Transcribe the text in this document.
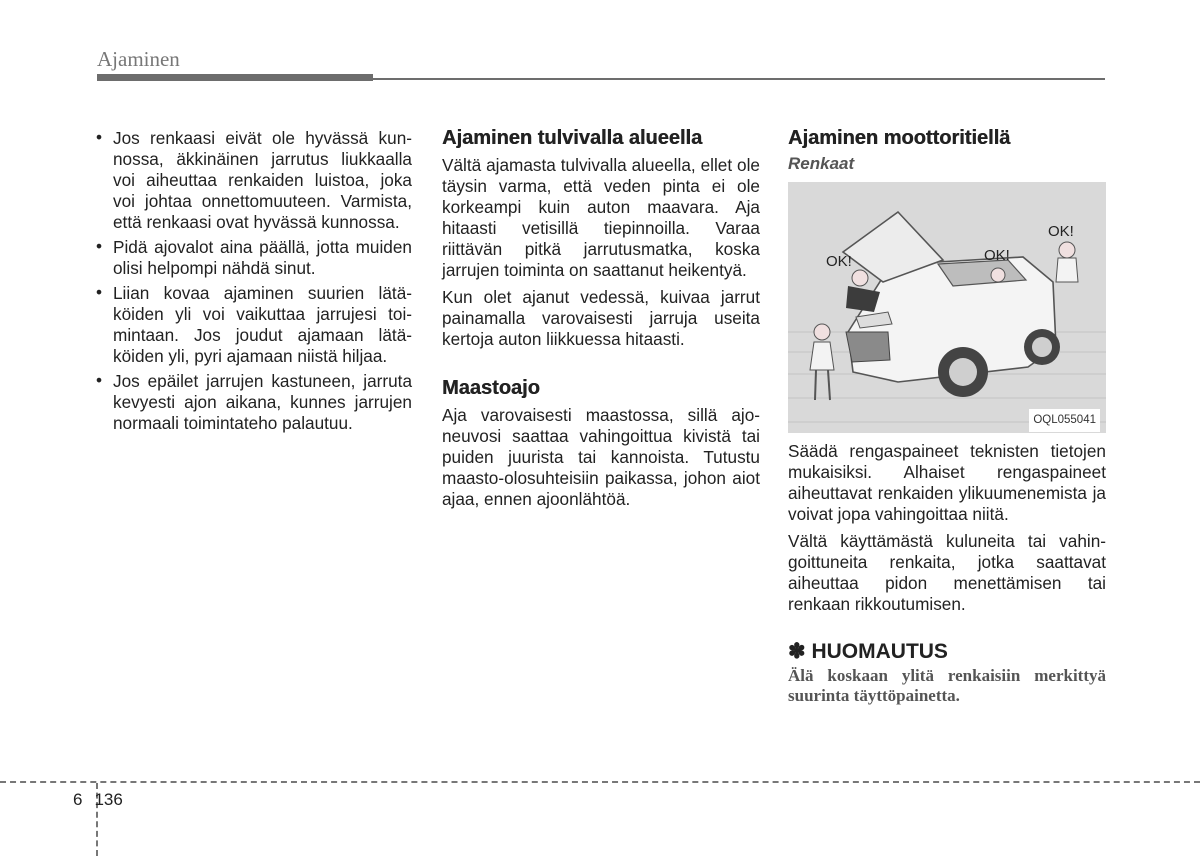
Ajaminen
• Jos renkaasi eivät ole hyvässä kunnossa, äkkinäinen jarrutus liukkaalla voi aiheuttaa renkaiden luistoa, joka voi johtaa onnettomuuteen. Varmista, että renkaasi ovat hyvässä kunnossa.
• Pidä ajovalot aina päällä, jotta muiden olisi helpompi nähdä sinut.
• Liian kovaa ajaminen suurien lätäköiden yli voi vaikuttaa jarrujesi toimintaan. Jos joudut ajamaan lätäköiden yli, pyri ajamaan niistä hiljaa.
• Jos epäilet jarrujen kastuneen, jarruta kevyesti ajon aikana, kunnes jarrujen normaali toimintateho palautuu.
Ajaminen tulvivalla alueella

Vältä ajamasta tulvivalla alueella, ellet ole täysin varma, että veden pinta ei ole korkeampi kuin auton maavara. Aja hitaasti vetisillä tiepinnoilla. Varaa riittävän pitkä jarrutusmatka, koska jarrujen toiminta on saattanut heikentyä.

Kun olet ajanut vedessä, kuivaa jarrut painamalla varovaisesti jarruja useita kertoja auton liikkuessa hitaasti.

Maastoajo

Aja varovaisesti maastossa, sillä ajoneuvosi saattaa vahingoittua kivistä tai puiden juurista tai kannoista. Tutustu maasto-olosuhteisiin paikassa, johon aiot ajaa, ennen ajoonlähtöä.

Ajaminen moottoritiellä
Renkaat
OK!	OK!
OK!
OQL055041

Säädä rengaspaineet teknisten tietojen mukaisiksi. Alhaiset rengaspaineet aiheuttavat renkaiden ylikuumenemista ja voivat jopa vahingoittaa niitä.

Vältä käyttämästä kuluneita tai vahingoittuneita renkaita, jotka saattavat aiheuttaa pidon menettämisen tai renkaan rikkoutumisen.

✽ HUOMAUTUS

Älä koskaan ylitä renkaisiin merkittyä suurinta täyttöpainetta.

6 136
